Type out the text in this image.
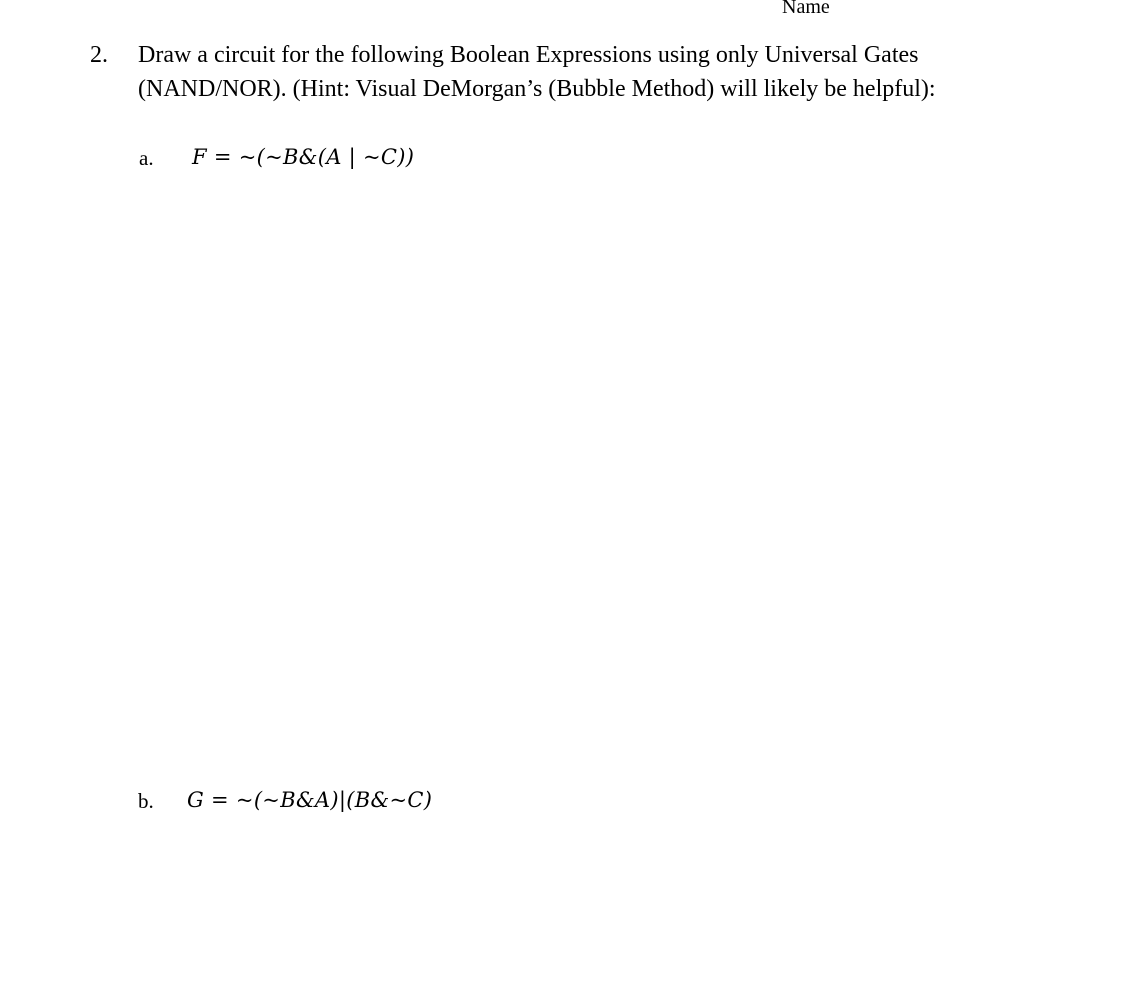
Name
2. Draw a circuit for the following Boolean Expressions using only Universal Gates
(NAND/NOR). (Hint: Visual DeMorgan’s (Bubble Method) will likely be helpful):
a. F = ~(~B&(A | ~C))
b. G = ~(~B&A)|(B&~C)
